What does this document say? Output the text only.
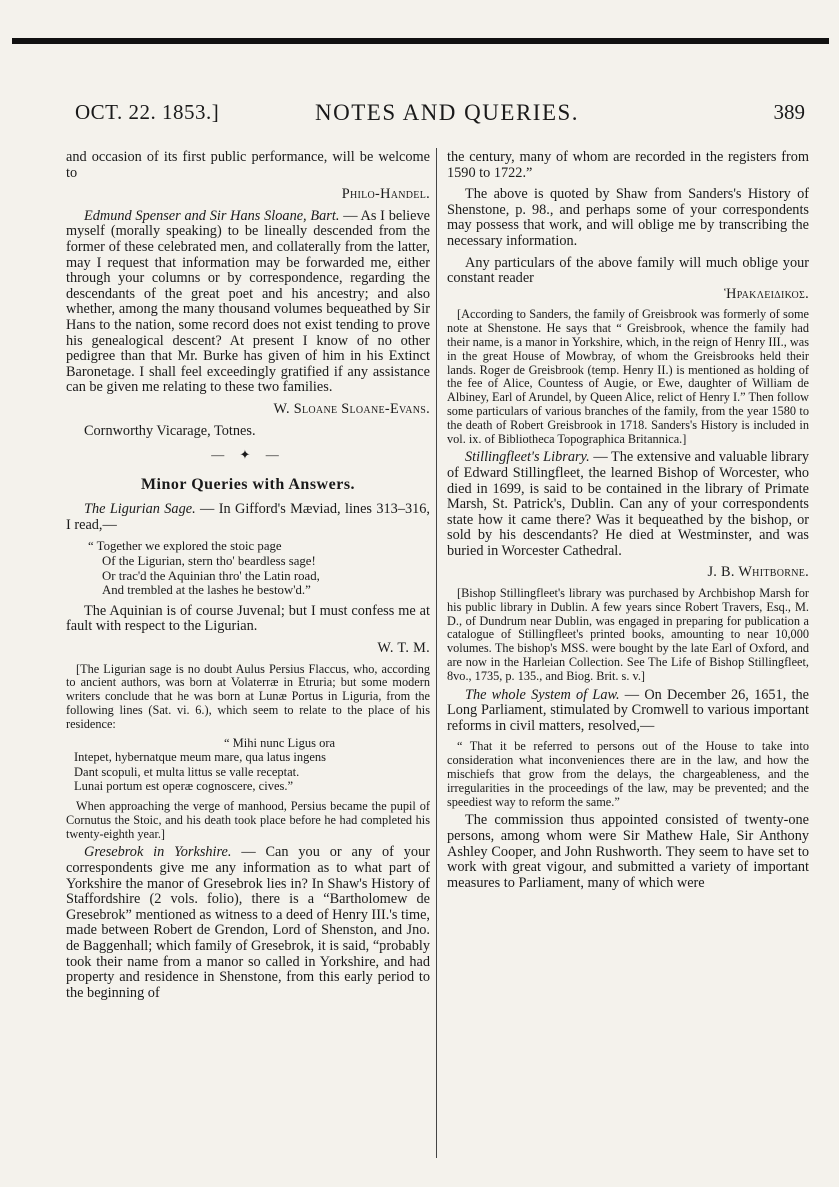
OCT. 22. 1853.]	NOTES AND QUERIES.	389

and occasion of its first public performance, will be welcome to

Philo-Handel.

Edmund Spenser and Sir Hans Sloane, Bart. — As I believe myself (morally speaking) to be lineally descended from the former of these celebrated men, and collaterally from the latter, may I request that information may be forwarded me, either through your columns or by correspondence, regarding the descendants of the great poet and his ancestry; and also whether, among the many thousand volumes bequeathed by Sir Hans to the nation, some record does not exist tending to prove his genealogical descent? At present I know of no other pedigree than that Mr. Burke has given of him in his Extinct Baronetage. I shall feel exceedingly gratified if any assistance can be given me relating to these two families.

W. Sloane Sloane-Evans.
Cornworthy Vicarage, Totnes.
— ✦ —
Minor Queries with Answers.

The Ligurian Sage. — In Gifford's Mæviad, lines 313–316, I read,—

“ Together we explored the stoic page
Of the Ligurian, stern tho' beardless sage!
Or trac'd the Aquinian thro' the Latin road,
And trembled at the lashes he bestow'd.”

The Aquinian is of course Juvenal; but I must confess me at fault with respect to the Ligurian.

W. T. M.

[The Ligurian sage is no doubt Aulus Persius Flaccus, who, according to ancient authors, was born at Volaterræ in Etruria; but some modern writers conclude that he was born at Lunæ Portus in Liguria, from the following lines (Sat. vi. 6.), which seem to relate to the place of his residence:

“ Mihi nunc Ligus ora
Intepet, hybernatque meum mare, qua latus ingens
Dant scopuli, et multa littus se valle receptat.
Lunai portum est operæ cognoscere, cives.”

When approaching the verge of manhood, Persius became the pupil of Cornutus the Stoic, and his death took place before he had completed his twenty-eighth year.]

Gresebrok in Yorkshire. — Can you or any of your correspondents give me any information as to what part of Yorkshire the manor of Gresebrok lies in? In Shaw's History of Staffordshire (2 vols. folio), there is a “Bartholomew de Gresebrok” mentioned as witness to a deed of Henry III.'s time, made between Robert de Grendon, Lord of Shenston, and Jno. de Baggenhall; which family of Gresebrok, it is said, “probably took their name from a manor so called in Yorkshire, and had property and residence in Shenstone, from this early period to the beginning of

the century, many of whom are recorded in the registers from 1590 to 1722.”

The above is quoted by Shaw from Sanders's History of Shenstone, p. 98., and perhaps some of your correspondents may possess that work, and will oblige me by transcribing the necessary information.

Any particulars of the above family will much oblige your constant reader

Ἡρακλειδικος.

[According to Sanders, the family of Greisbrook was formerly of some note at Shenstone. He says that “ Greisbrook, whence the family had their name, is a manor in Yorkshire, which, in the reign of Henry III., was in the great House of Mowbray, of whom the Greisbrooks held their lands. Roger de Greisbrook (temp. Henry II.) is mentioned as holding of the fee of Alice, Countess of Augie, or Ewe, daughter of William de Albiney, Earl of Arundel, by Queen Alice, relict of Henry I.” Then follow some particulars of various branches of the family, from the year 1580 to the death of Robert Greisbrook in 1718. Sanders's History is included in vol. ix. of Bibliotheca Topographica Britannica.]

Stillingfleet's Library. — The extensive and valuable library of Edward Stillingfleet, the learned Bishop of Worcester, who died in 1699, is said to be contained in the library of Primate Marsh, St. Patrick's, Dublin. Can any of your correspondents state how it came there? Was it bequeathed by the bishop, or sold by his descendants? He died at Westminster, and was buried in Worcester Cathedral.

J. B. Whitborne.

[Bishop Stillingfleet's library was purchased by Archbishop Marsh for his public library in Dublin. A few years since Robert Travers, Esq., M. D., of Dundrum near Dublin, was engaged in preparing for publication a catalogue of Stillingfleet's printed books, amounting to near 10,000 volumes. The bishop's MSS. were bought by the late Earl of Oxford, and are now in the Harleian Collection. See The Life of Bishop Stillingfleet, 8vo., 1735, p. 135., and Biog. Brit. s. v.]

The whole System of Law. — On December 26, 1651, the Long Parliament, stimulated by Cromwell to various important reforms in civil matters, resolved,—

“ That it be referred to persons out of the House to take into consideration what inconveniences there are in the law, and how the mischiefs that grow from the delays, the chargeableness, and the irregularities in the proceedings of the law, may be prevented; and the speediest way to reform the same.”

The commission thus appointed consisted of twenty-one persons, among whom were Sir Mathew Hale, Sir Anthony Ashley Cooper, and John Rushworth. They seem to have set to work with great vigour, and submitted a variety of important measures to Parliament, many of which were
